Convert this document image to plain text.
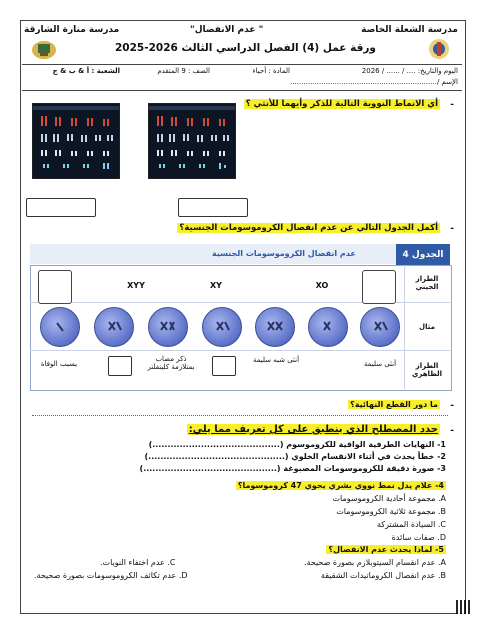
مدرسة الشعلة الخاصة
مدرسة منارة الشارقة	" عدم الانفصال"
ورقة عمل (4) الفصل الدراسي الثالث 2026-2025
اليوم والتاريخ: .... / ...... / 2026
المادة : أحياء
الصف : 9 المتقدم
الشعبة : أ & ب & ج
الإسم /..................................................................
-
أي الانماط النووية التالية للذكر وأيهما للأنثي ؟
-
أكمل الجدول التالي عن عدم انفصال الكروموسومات الجنسية؟
الجدول 4
عدم انفصال الكروموسومات الجنسية
الطراز الجيني
مثال
الطراز الظاهري
XO
XY
XYY
أنثى سليمة
أنثى شبه سليمة
ذكر مصاب بمتلازمة كلينفلتر
يسبب الوفاة
-
ما دور القطع النهائية؟
-
حدد المصطلح الذي ينطبق على كل تعريف مما يلي:
1- النهايات الطرفية الواقية للكروموسوم (..........................................)
2- خطأ يحدث في أثناء الانقسام الخلوي (.............................................)
3- صورة دقيقة للكروموسومات المصبوغة (............................................)
4- علام يدل نمط نووي بشري يحوي 47 كروموسوما؟
A. مجموعة أحادية الكروموسومات
B. مجموعة ثلاثية الكروموسومات
C. السيادة المشتركة
D. صفات سائدة
5- لماذا يحدث عدم الانفصال؟
A. عدم انقسام السيتوبلازم بصورة صحيحة.
B. عدم انفصال الكروماتيدات الشقيقة
C. عدم اختفاء النويات.
D. عدم تكاثف الكروموسومات بصورة صحيحة.
